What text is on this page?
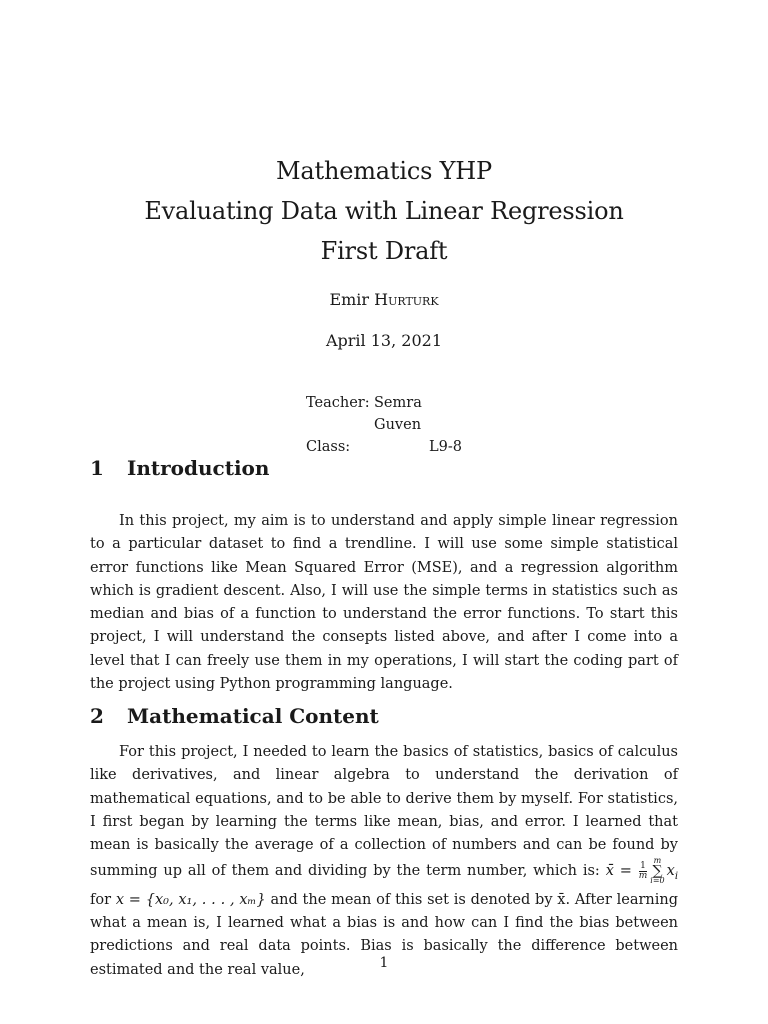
Mathematics YHP
Evaluating Data with Linear Regression
First Draft
Emir Hurturk
April 13, 2021
Teacher: Semra Guven
Class:	L9-8
1	Introduction
In this project, my aim is to understand and apply simple linear regression to a particular dataset to find a trendline. I will use some simple statistical error functions like Mean Squared Error (MSE), and a regression algorithm which is gradient descent. Also, I will use the simple terms in statistics such as median and bias of a function to understand the error functions. To start this project, I will understand the consepts listed above, and after I come into a level that I can freely use them in my operations, I will start the coding part of the project using Python programming language.
2	Mathematical Content
For this project, I needed to learn the basics of statistics, basics of calculus like derivatives, and linear algebra to understand the derivation of mathematical equations, and to be able to derive them by myself. For statistics, I first began by learning the terms like mean, bias, and error. I learned that mean is basically the average of a collection of numbers and can be found by summing up all of them and dividing by the term number, which is: x̄ = $\frac{1}{m}$
m
∑
i=0
$x_i$ for x = {x₀, x₁, . . . , xₘ} and the mean of this set is denoted by x̄. After learning what a mean is, I learned what a bias is and how can I find the bias between predictions and real data points. Bias is basically the difference between estimated and the real value,	1
